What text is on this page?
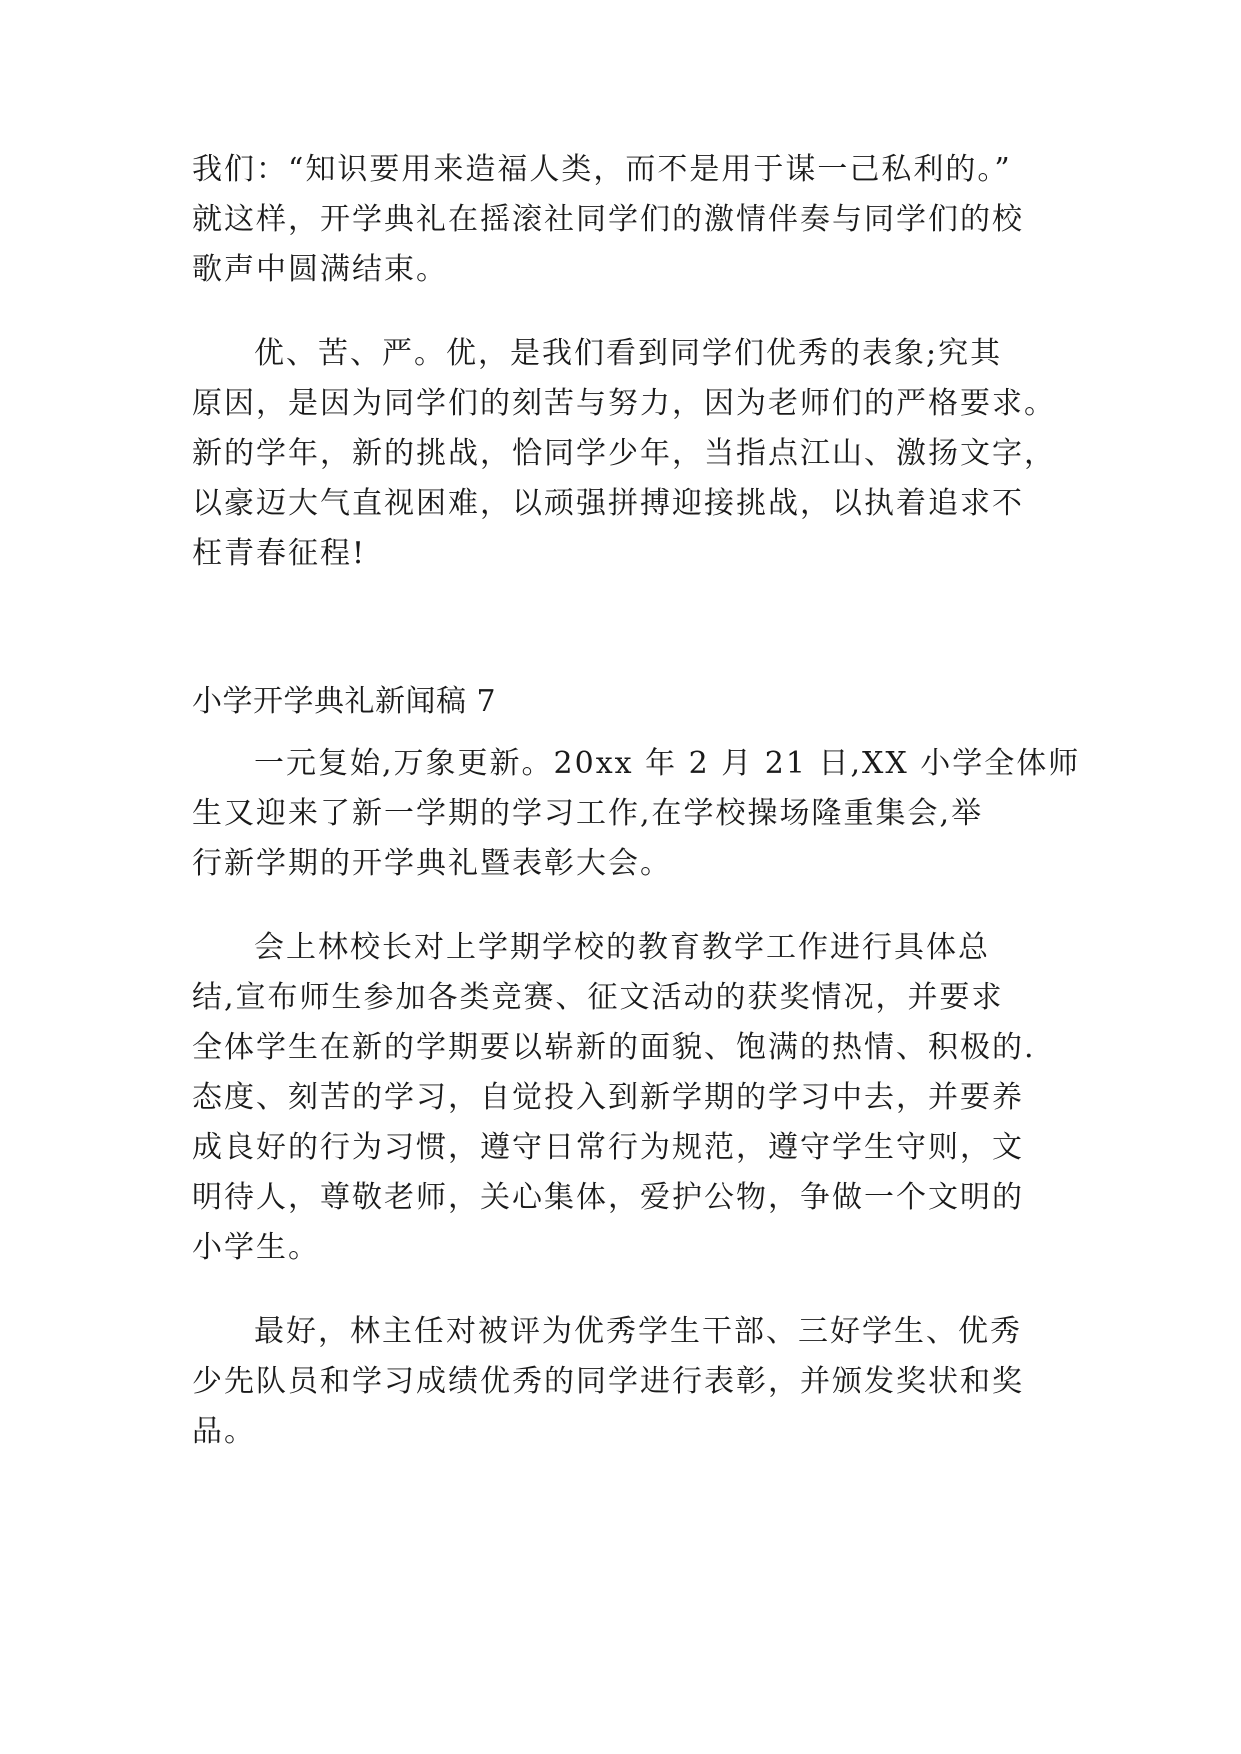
我们：“知识要用来造福人类，而不是用于谋一己私利的。”
就这样，开学典礼在摇滚社同学们的激情伴奏与同学们的校
歌声中圆满结束。
优、苦、严。优，是我们看到同学们优秀的表象;究其
原因，是因为同学们的刻苦与努力，因为老师们的严格要求。
新的学年，新的挑战，恰同学少年，当指点江山、激扬文字，
以豪迈大气直视困难，以顽强拼搏迎接挑战，以执着追求不
枉青春征程!
小学开学典礼新闻稿 7
一元复始,万象更新。20xx 年 2 月 21 日,XX 小学全体师
生又迎来了新一学期的学习工作,在学校操场隆重集会,举
行新学期的开学典礼暨表彰大会。
会上林校长对上学期学校的教育教学工作进行具体总
结,宣布师生参加各类竞赛、征文活动的获奖情况，并要求
全体学生在新的学期要以崭新的面貌、饱满的热情、积极的.
态度、刻苦的学习，自觉投入到新学期的学习中去，并要养
成良好的行为习惯，遵守日常行为规范，遵守学生守则，文
明待人，尊敬老师，关心集体，爱护公物，争做一个文明的
小学生。
最好，林主任对被评为优秀学生干部、三好学生、优秀
少先队员和学习成绩优秀的同学进行表彰，并颁发奖状和奖
品。
